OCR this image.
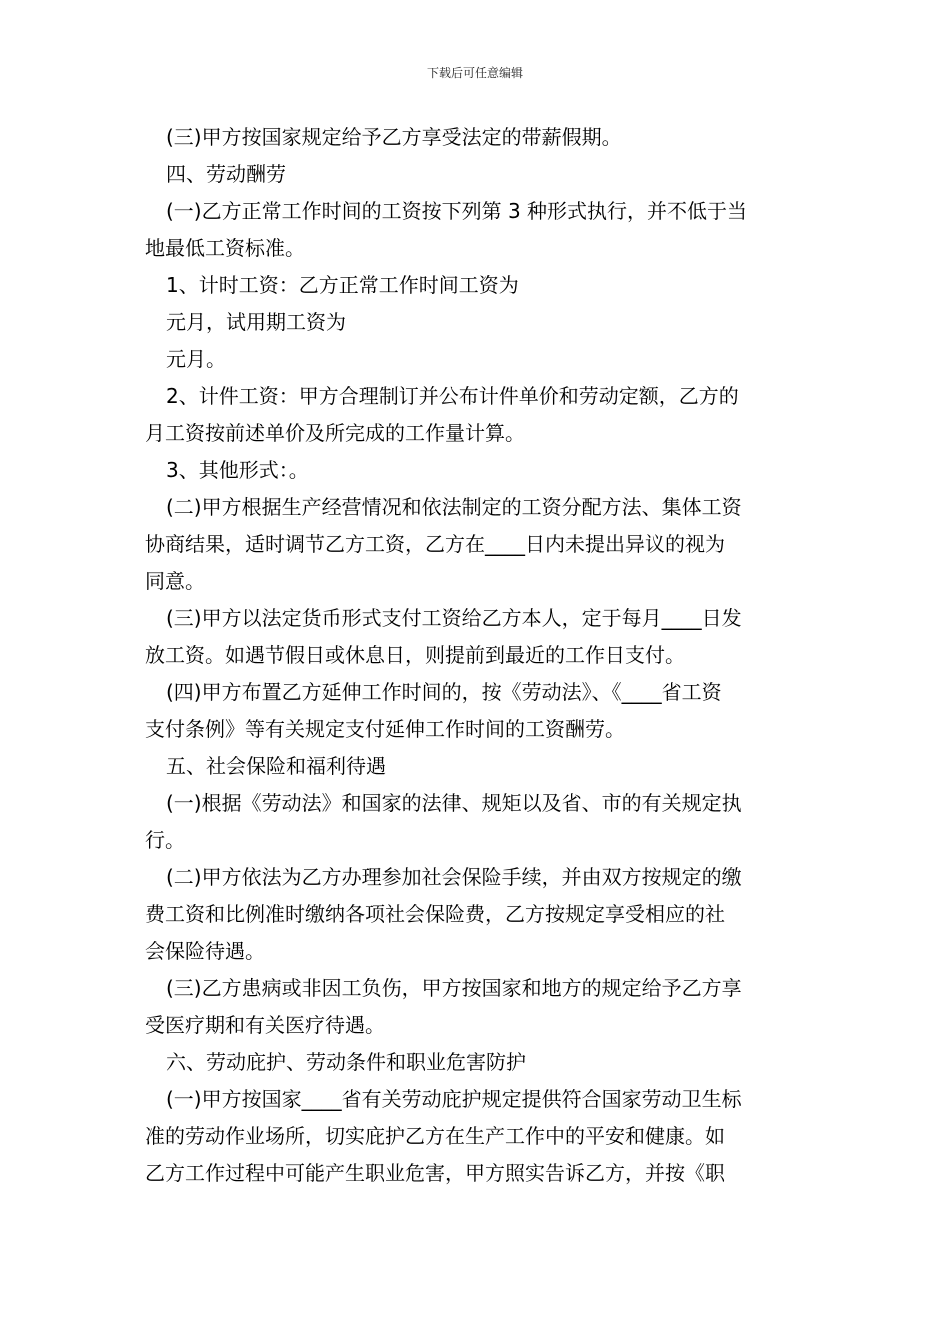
下载后可任意编辑
(三)甲方按国家规定给予乙方享受法定的带薪假期。
四、劳动酬劳
(一)乙方正常工作时间的工资按下列第 3 种形式执行，并不低于当
地最低工资标准。
1、计时工资：乙方正常工作时间工资为
元月，试用期工资为
元月。
2、计件工资：甲方合理制订并公布计件单价和劳动定额，乙方的
月工资按前述单价及所完成的工作量计算。
3、其他形式：。
(二)甲方根据生产经营情况和依法制定的工资分配方法、集体工资
协商结果，适时调节乙方工资，乙方在____日内未提出异议的视为
同意。
(三)甲方以法定货币形式支付工资给乙方本人，定于每月____日发
放工资。如遇节假日或休息日，则提前到最近的工作日支付。
(四)甲方布置乙方延伸工作时间的，按《劳动法》、《____省工资
支付条例》等有关规定支付延伸工作时间的工资酬劳。
五、社会保险和福利待遇
(一)根据《劳动法》和国家的法律、规矩以及省、市的有关规定执
行。
(二)甲方依法为乙方办理参加社会保险手续，并由双方按规定的缴
费工资和比例准时缴纳各项社会保险费，乙方按规定享受相应的社
会保险待遇。
(三)乙方患病或非因工负伤，甲方按国家和地方的规定给予乙方享
受医疗期和有关医疗待遇。
六、劳动庇护、劳动条件和职业危害防护
(一)甲方按国家____省有关劳动庇护规定提供符合国家劳动卫生标
准的劳动作业场所，切实庇护乙方在生产工作中的平安和健康。如
乙方工作过程中可能产生职业危害，甲方照实告诉乙方，并按《职
